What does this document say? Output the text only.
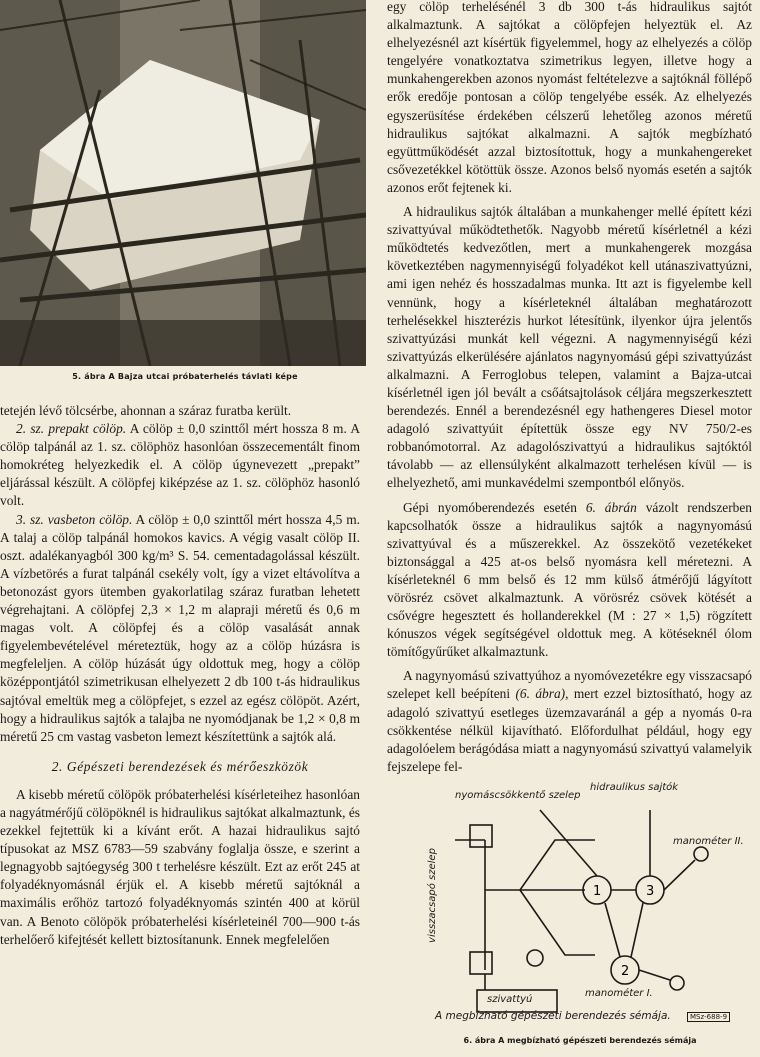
5. ábra A Bajza utcai próbaterhelés távlati képe

tetején lévő tölcsérbe, ahonnan a száraz furatba került.

2. sz. prepakt cölöp. A cölöp ± 0,0 szinttől mért hossza 8 m. A cölöp talpánál az 1. sz. cölöphöz hasonlóan összecementált finom homokréteg helyezkedik el. A cölöp úgynevezett „prepakt” eljárással készült. A cölöpfej kiképzése az 1. sz. cölöphöz hasonló volt.

3. sz. vasbeton cölöp. A cölöp ± 0,0 szinttől mért hossza 4,5 m. A talaj a cölöp talpánál homokos kavics. A végig vasalt cölöp II. oszt. adalékanyagból 300 kg/m³ S. 54. cementadagolással készült. A vízbetörés a furat talpánál csekély volt, így a vizet eltávolítva a betonozást gyors ütemben gyakorlatilag száraz furatban lehetett végrehajtani. A cölöpfej 2,3 × 1,2 m alapraji méretű és 0,6 m magas volt. A cölöpfej és a cölöp vasalását annak figyelembevételével méreteztük, hogy az a cölöp húzásra is megfeleljen. A cölöp húzását úgy oldottuk meg, hogy a cölöp középpontjától szimetrikusan elhelyezett 2 db 100 t-ás hidraulikus sajtóval emeltük meg a cölöpfejet, s ezzel az egész cölöpöt. Azért, hogy a hidraulikus sajtók a talajba ne nyomódjanak be 1,2 × 0,8 m méretű 25 cm vastag vasbeton lemezt készítettünk a sajtók alá.

2. Gépészeti berendezések és mérőeszközök

A kisebb méretű cölöpök próbaterhelési kísérleteihez hasonlóan a nagyátmérőjű cölöpöknél is hidraulikus sajtókat alkalmaztunk, és ezekkel fejtettük ki a kívánt erőt. A hazai hidraulikus sajtó típusokat az MSZ 6783—59 szabvány foglalja össze, e szerint a legnagyobb sajtóegység 300 t terhelésre készült. Ezt az erőt 245 at folyadéknyomásnál érjük el. A kisebb méretű sajtóknál a maximális erőhöz tartozó folyadéknyomás szintén 400 at körül van. A Benoto cölöpök próbaterhelési kísérleteinél 700—900 t-ás terhelőerő kifejtését kellett biztosítanunk. Ennek megfelelően

egy cölöp terhelésénél 3 db 300 t-ás hidraulikus sajtót alkalmaztunk. A sajtókat a cölöpfejen helyeztük el. Az elhelyezésnél azt kísértük figyelemmel, hogy az elhelyezés a cölöp tengelyére vonatkoztatva szimetrikus legyen, illetve hogy a munkahengerekben azonos nyomást feltételezve a sajtóknál föllépő erők eredője pontosan a cölöp tengelyébe essék. Az elhelyezés egyszerüsítése érdekében célszerű lehetőleg azonos méretű hidraulikus sajtókat alkalmazni. A sajtók megbízható együttműködését azzal biztosítottuk, hogy a munkahengereket csővezetékkel kötöttük össze. Azonos belső nyomás esetén a sajtók azonos erőt fejtenek ki.

A hidraulikus sajtók általában a munkahenger mellé épített kézi szivattyúval működtethetők. Nagyobb méretű kísérletnél a kézi működtetés kedvezőtlen, mert a munkahengerek mozgása következtében nagymennyiségű folyadékot kell utánaszivattyúzni, ami igen nehéz és hosszadalmas munka. Itt azt is figyelembe kell vennünk, hogy a kísérleteknél általában meghatározott terhelésekkel hiszterézis hurkot létesítünk, ilyenkor újra jelentős szivattyúzási munkát kell végezni. A nagymennyiségű kézi szivattyúzás elkerülésére ajánlatos nagynyomású gépi szivattyúzást alkalmazni. A Ferroglobus telepen, valamint a Bajza-utcai kísérletnél igen jól bevált a csőátsajtolások céljára megszerkesztett berendezés. Ennél a berendezésnél egy hathengeres Diesel motor adagoló szivattyúit építettük össze egy NV 750/2-es robbanómotorral. Az adagolószivattyú a hidraulikus sajtóktól távolabb — az ellensúlyként alkalmazott terhelésen kívül — is elhelyezhető, ami munkavédelmi szempontból előnyös.

Gépi nyomóberendezés esetén 6. ábrán vázolt rendszerben kapcsolhatók össze a hidraulikus sajtók a nagynyomású szivattyúval és a műszerekkel. Az összekötő vezetékeket biztonsággal a 425 at-os belső nyomásra kell méretezni. A kísérleteknél 6 mm belső és 12 mm külső átmérőjű lágyított vörösréz csövet alkalmaztunk. A vörösréz csövek kötését a csővégre hegesztett és hollanderekkel (M : 27 × 1,5) rögzített kónuszos végek segítségével oldottuk meg. A kötéseknél ólom tömítőgyűrűket alkalmaztunk.

A nagynyomású szivattyúhoz a nyomóvezetékre egy visszacsapó szelepet kell beépíteni (6. ábra), mert ezzel biztosítható, hogy az adagoló szivattyú esetleges üzemzavaránál a gép a nyomás 0-ra csökkentése nélkül kijavítható. Előfordulhat például, hogy egy adagolóelem berágódása miatt a nagynyomású szivattyú valamelyik fejszelepe fel-

1
2
3
nyomáscsökkentő szelep
hidraulikus sajtók
visszacsapó szelep
manométer II.
manométer I.
szivattyú
A megbízható gépészeti berendezés sémája.	MSz-688-9
6. ábra A megbízható gépészeti berendezés sémája
